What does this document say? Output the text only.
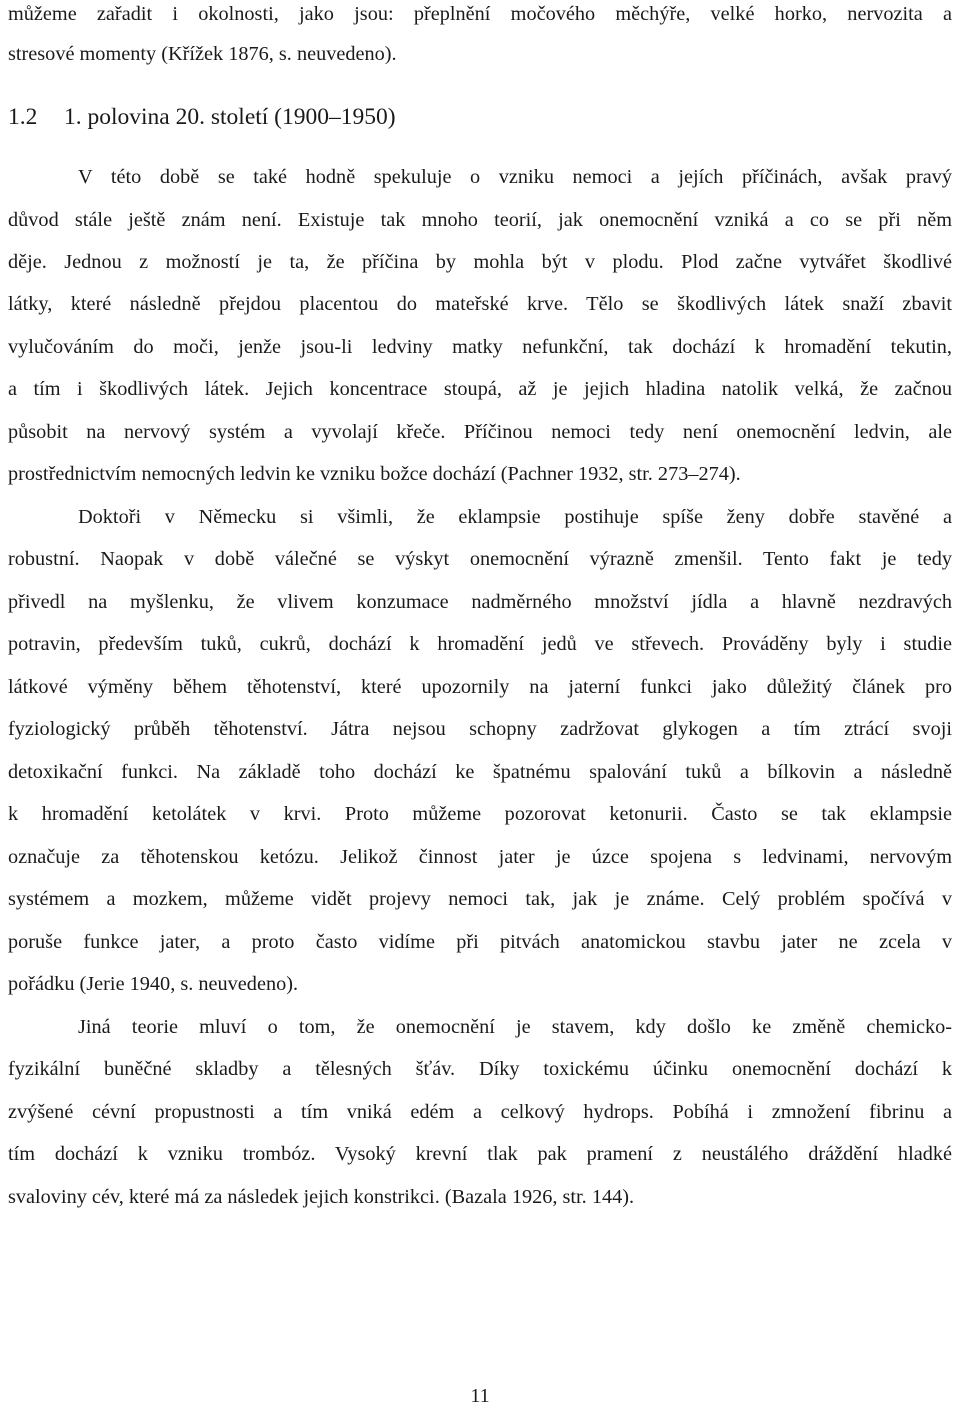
můžeme zařadit i okolnosti, jako jsou: přeplnění močového měchýře, velké horko, nervozita a
stresové momenty (Křížek 1876, s. neuvedeno).
1.2 1. polovina 20. století (1900–1950)
V této době se také hodně spekuluje o vzniku nemoci a jejích příčinách, avšak pravý
důvod stále ještě znám není. Existuje tak mnoho teorií, jak onemocnění vzniká a co se při něm
děje. Jednou z možností je ta, že příčina by mohla být v plodu. Plod začne vytvářet škodlivé
látky, které následně přejdou placentou do mateřské krve. Tělo se škodlivých látek snaží zbavit
vylučováním do moči, jenže jsou-li ledviny matky nefunkční, tak dochází k hromadění tekutin,
a tím i škodlivých látek. Jejich koncentrace stoupá, až je jejich hladina natolik velká, že začnou
působit na nervový systém a vyvolají křeče. Příčinou nemoci tedy není onemocnění ledvin, ale
prostřednictvím nemocných ledvin ke vzniku božce dochází (Pachner 1932, str. 273–274).
Doktoři v Německu si všimli, že eklampsie postihuje spíše ženy dobře stavěné a
robustní. Naopak v době válečné se výskyt onemocnění výrazně zmenšil. Tento fakt je tedy
přivedl na myšlenku, že vlivem konzumace nadměrného množství jídla a hlavně nezdravých
potravin, především tuků, cukrů, dochází k hromadění jedů ve střevech. Prováděny byly i studie
látkové výměny během těhotenství, které upozornily na jaterní funkci jako důležitý článek pro
fyziologický průběh těhotenství. Játra nejsou schopny zadržovat glykogen a tím ztrácí svoji
detoxikační funkci. Na základě toho dochází ke špatnému spalování tuků a bílkovin a následně
k hromadění ketolátek v krvi. Proto můžeme pozorovat ketonurii. Často se tak eklampsie
označuje za těhotenskou ketózu. Jelikož činnost jater je úzce spojena s ledvinami, nervovým
systémem a mozkem, můžeme vidět projevy nemoci tak, jak je známe. Celý problém spočívá v
poruše funkce jater, a proto často vidíme při pitvách anatomickou stavbu jater ne zcela v
pořádku (Jerie 1940, s. neuvedeno).
Jiná teorie mluví o tom, že onemocnění je stavem, kdy došlo ke změně chemicko-
fyzikální buněčné skladby a tělesných šťáv. Díky toxickému účinku onemocnění dochází k
zvýšené cévní propustnosti a tím vniká edém a celkový hydrops. Pobíhá i zmnožení fibrinu a
tím dochází k vzniku trombóz. Vysoký krevní tlak pak pramení z neustálého dráždění hladké
svaloviny cév, které má za následek jejich konstrikci. (Bazala 1926, str. 144).
11
